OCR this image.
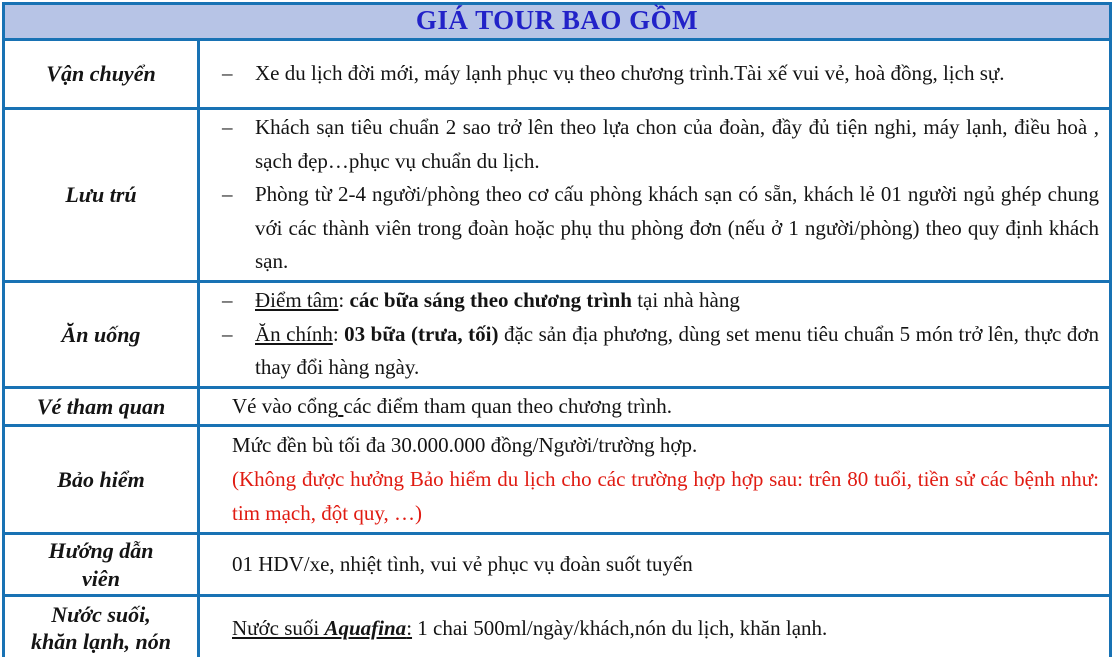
GIÁ TOUR BAO GỒM
Vận chuyển	– Xe du lịch đời mới, máy lạnh phục vụ theo chương trình.Tài xế vui vẻ, hoà đồng, lịch sự.
Lưu trú
– Khách sạn tiêu chuẩn 2 sao trở lên theo lựa chon của đoàn, đầy đủ tiện nghi, máy lạnh, điều hoà , sạch đẹp…phục vụ chuẩn du lịch.
– Phòng từ 2-4 người/phòng theo cơ cấu phòng khách sạn có sẵn, khách lẻ 01 người ngủ ghép chung với các thành viên trong đoàn hoặc phụ thu phòng đơn (nếu ở 1 người/phòng) theo quy định khách sạn.
Ăn uống
– Điểm tâm: các bữa sáng theo chương trình tại nhà hàng
– Ăn chính: 03 bữa (trưa, tối) đặc sản địa phương, dùng set menu tiêu chuẩn 5 món trở lên, thực đơn thay đổi hàng ngày.
Vé tham quan	Vé vào cổng các điểm tham quan theo chương trình.
Bảo hiểm
Mức đền bù tối đa 30.000.000 đồng/Người/trường hợp.
(Không được hưởng Bảo hiểm du lịch cho các trường hợp hợp sau: trên 80 tuổi, tiền sử các bệnh như: tim mạch, đột quy, …)
Hướng dẫn
viên
01 HDV/xe, nhiệt tình, vui vẻ phục vụ đoàn suốt tuyến
Nước suối,
khăn lạnh, nón
Nước suối Aquafina: 1 chai 500ml/ngày/khách,nón du lịch, khăn lạnh.
